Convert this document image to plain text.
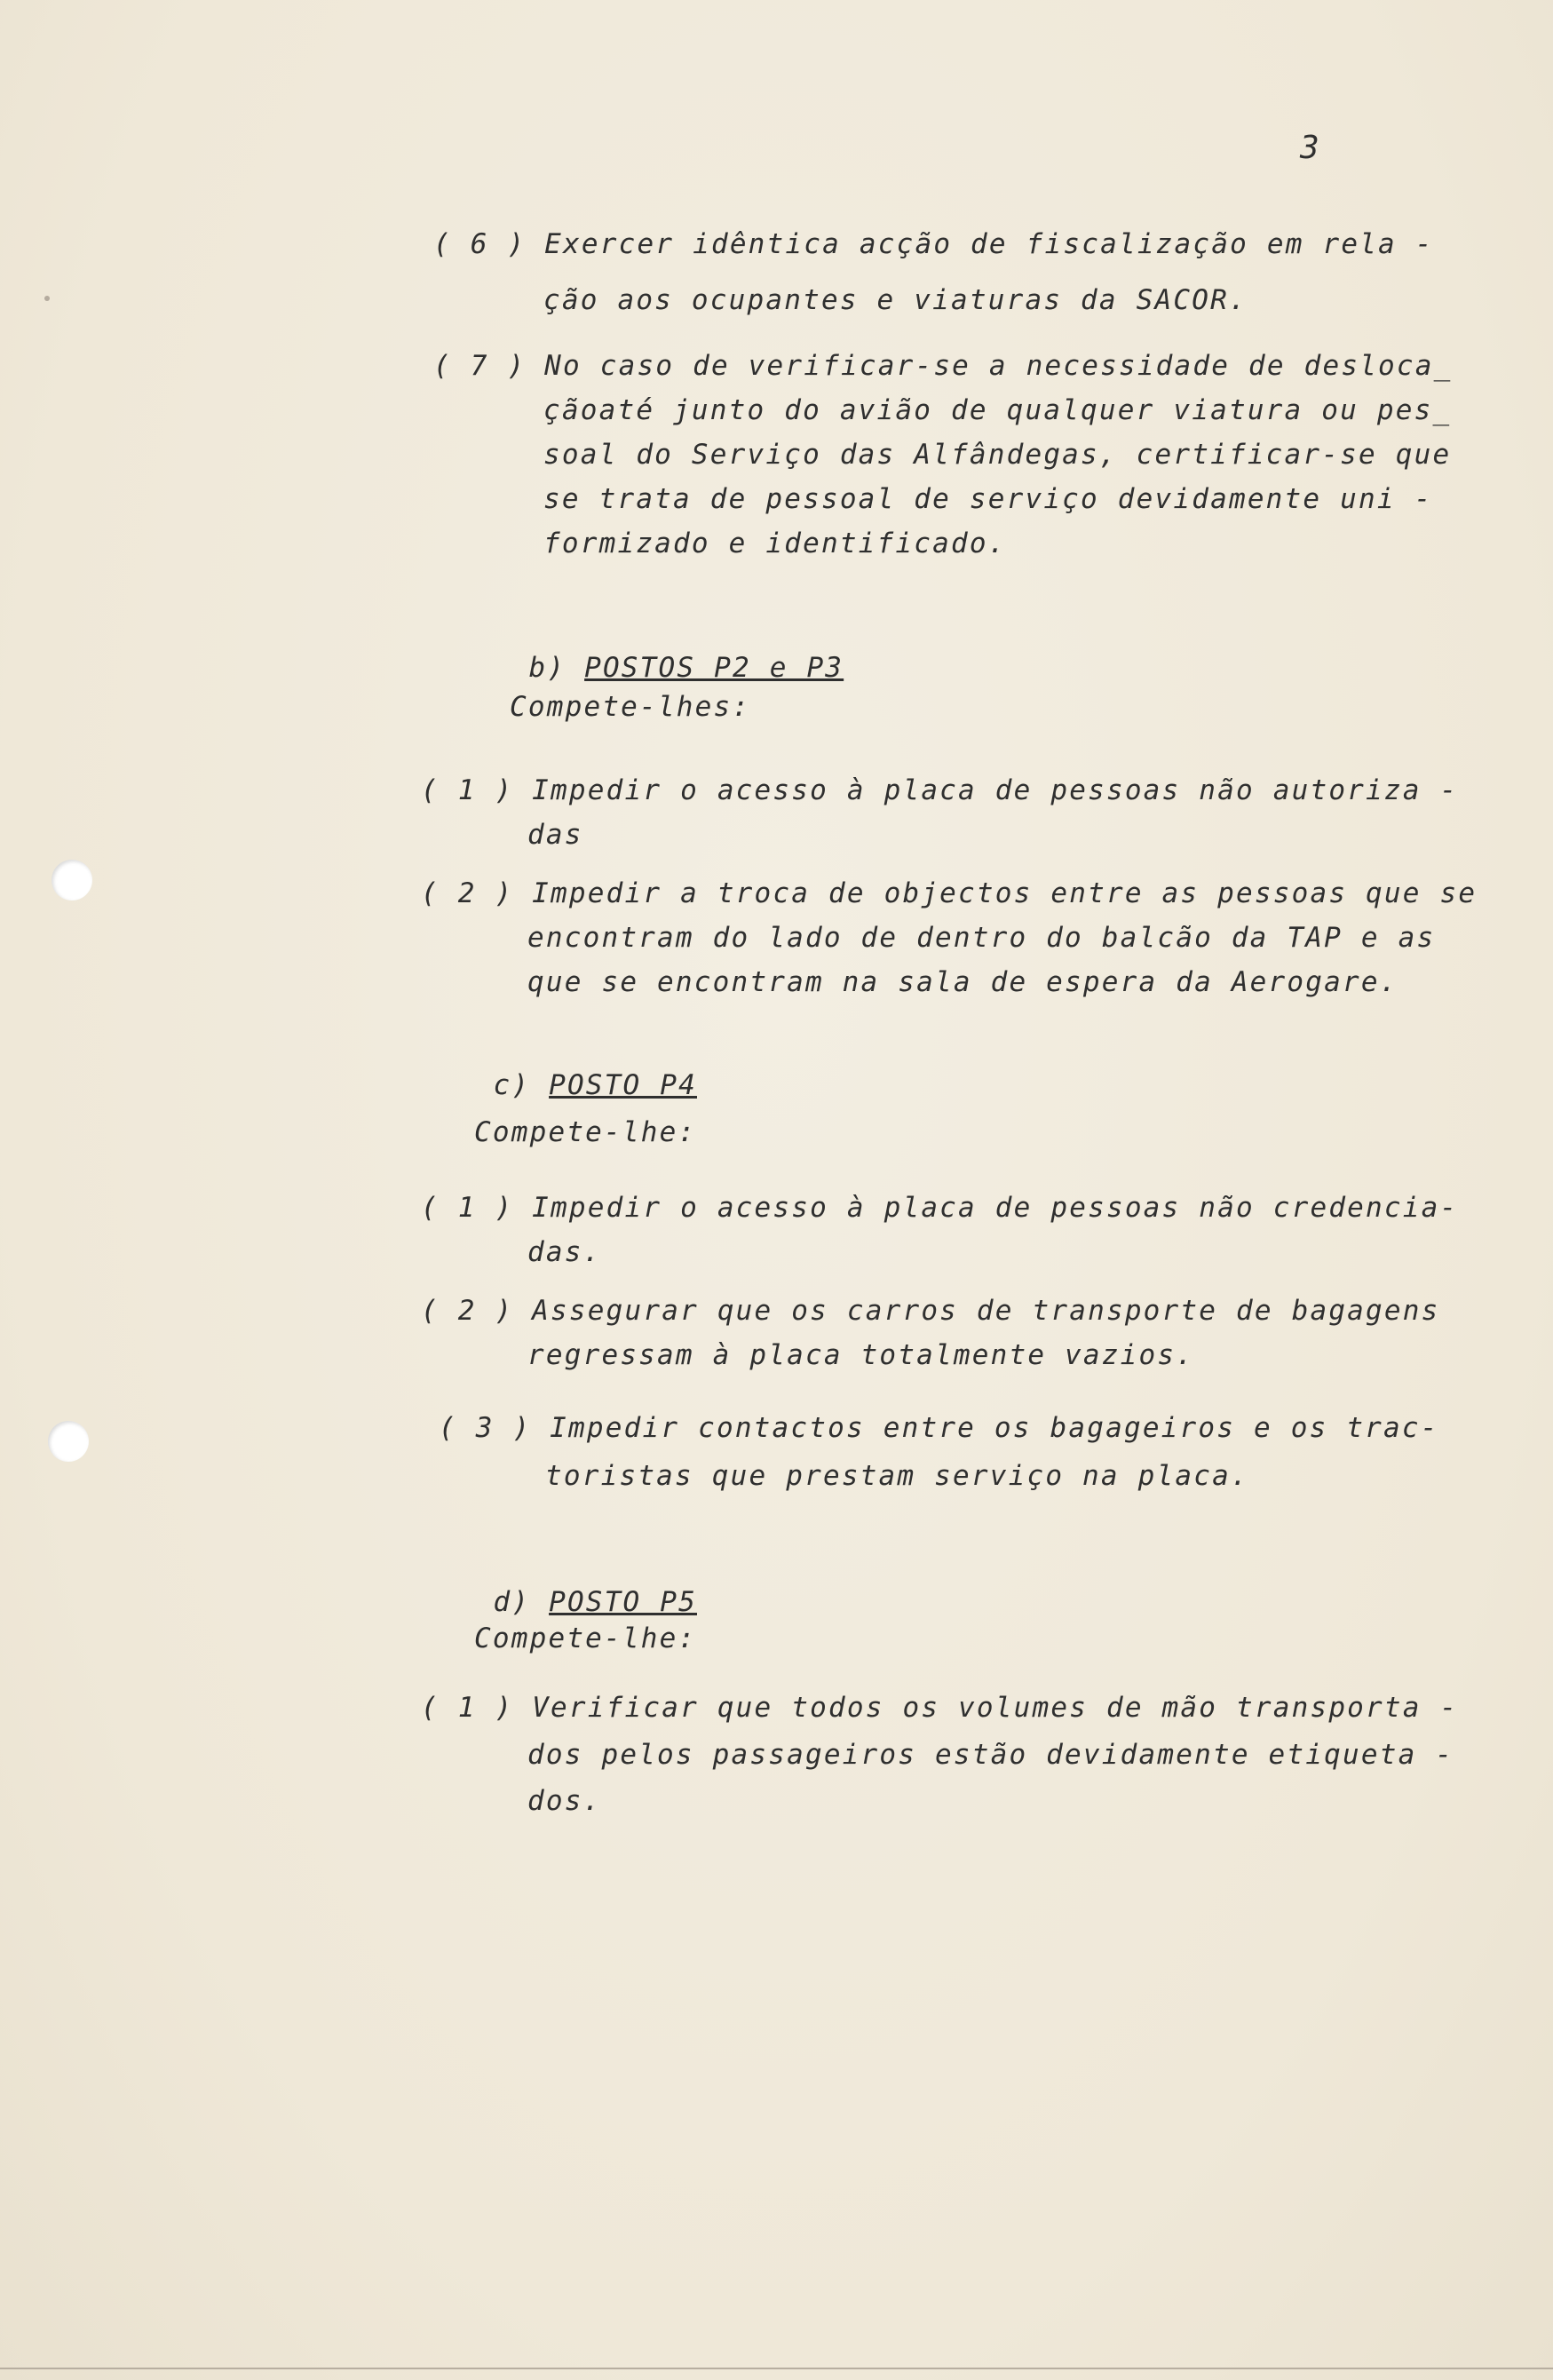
3
( 6 ) Exercer idêntica acção de fiscalização em rela -
ção aos ocupantes e viaturas da SACOR.
( 7 ) No caso de verificar-se a necessidade de desloca_
çãoaté junto do avião de qualquer viatura ou pes_
soal do Serviço das Alfândegas, certificar-se que
se trata de pessoal de serviço devidamente uni -
formizado e identificado.

b) POSTOS P2 e P3

Compete-lhes:
( 1 ) Impedir o acesso à placa de pessoas não autoriza -
das
( 2 ) Impedir a troca de objectos entre as pessoas que se
encontram do lado de dentro do balcão da TAP e as
que se encontram na sala de espera da Aerogare.

c) POSTO P4

Compete-lhe:
( 1 ) Impedir o acesso à placa de pessoas não credencia-
das.
( 2 ) Assegurar que os carros de transporte de bagagens
regressam à placa totalmente vazios.
( 3 ) Impedir contactos entre os bagageiros e os trac-
toristas que prestam serviço na placa.

d) POSTO P5

Compete-lhe:
( 1 ) Verificar que todos os volumes de mão transporta -
dos pelos passageiros estão devidamente etiqueta -
dos.
